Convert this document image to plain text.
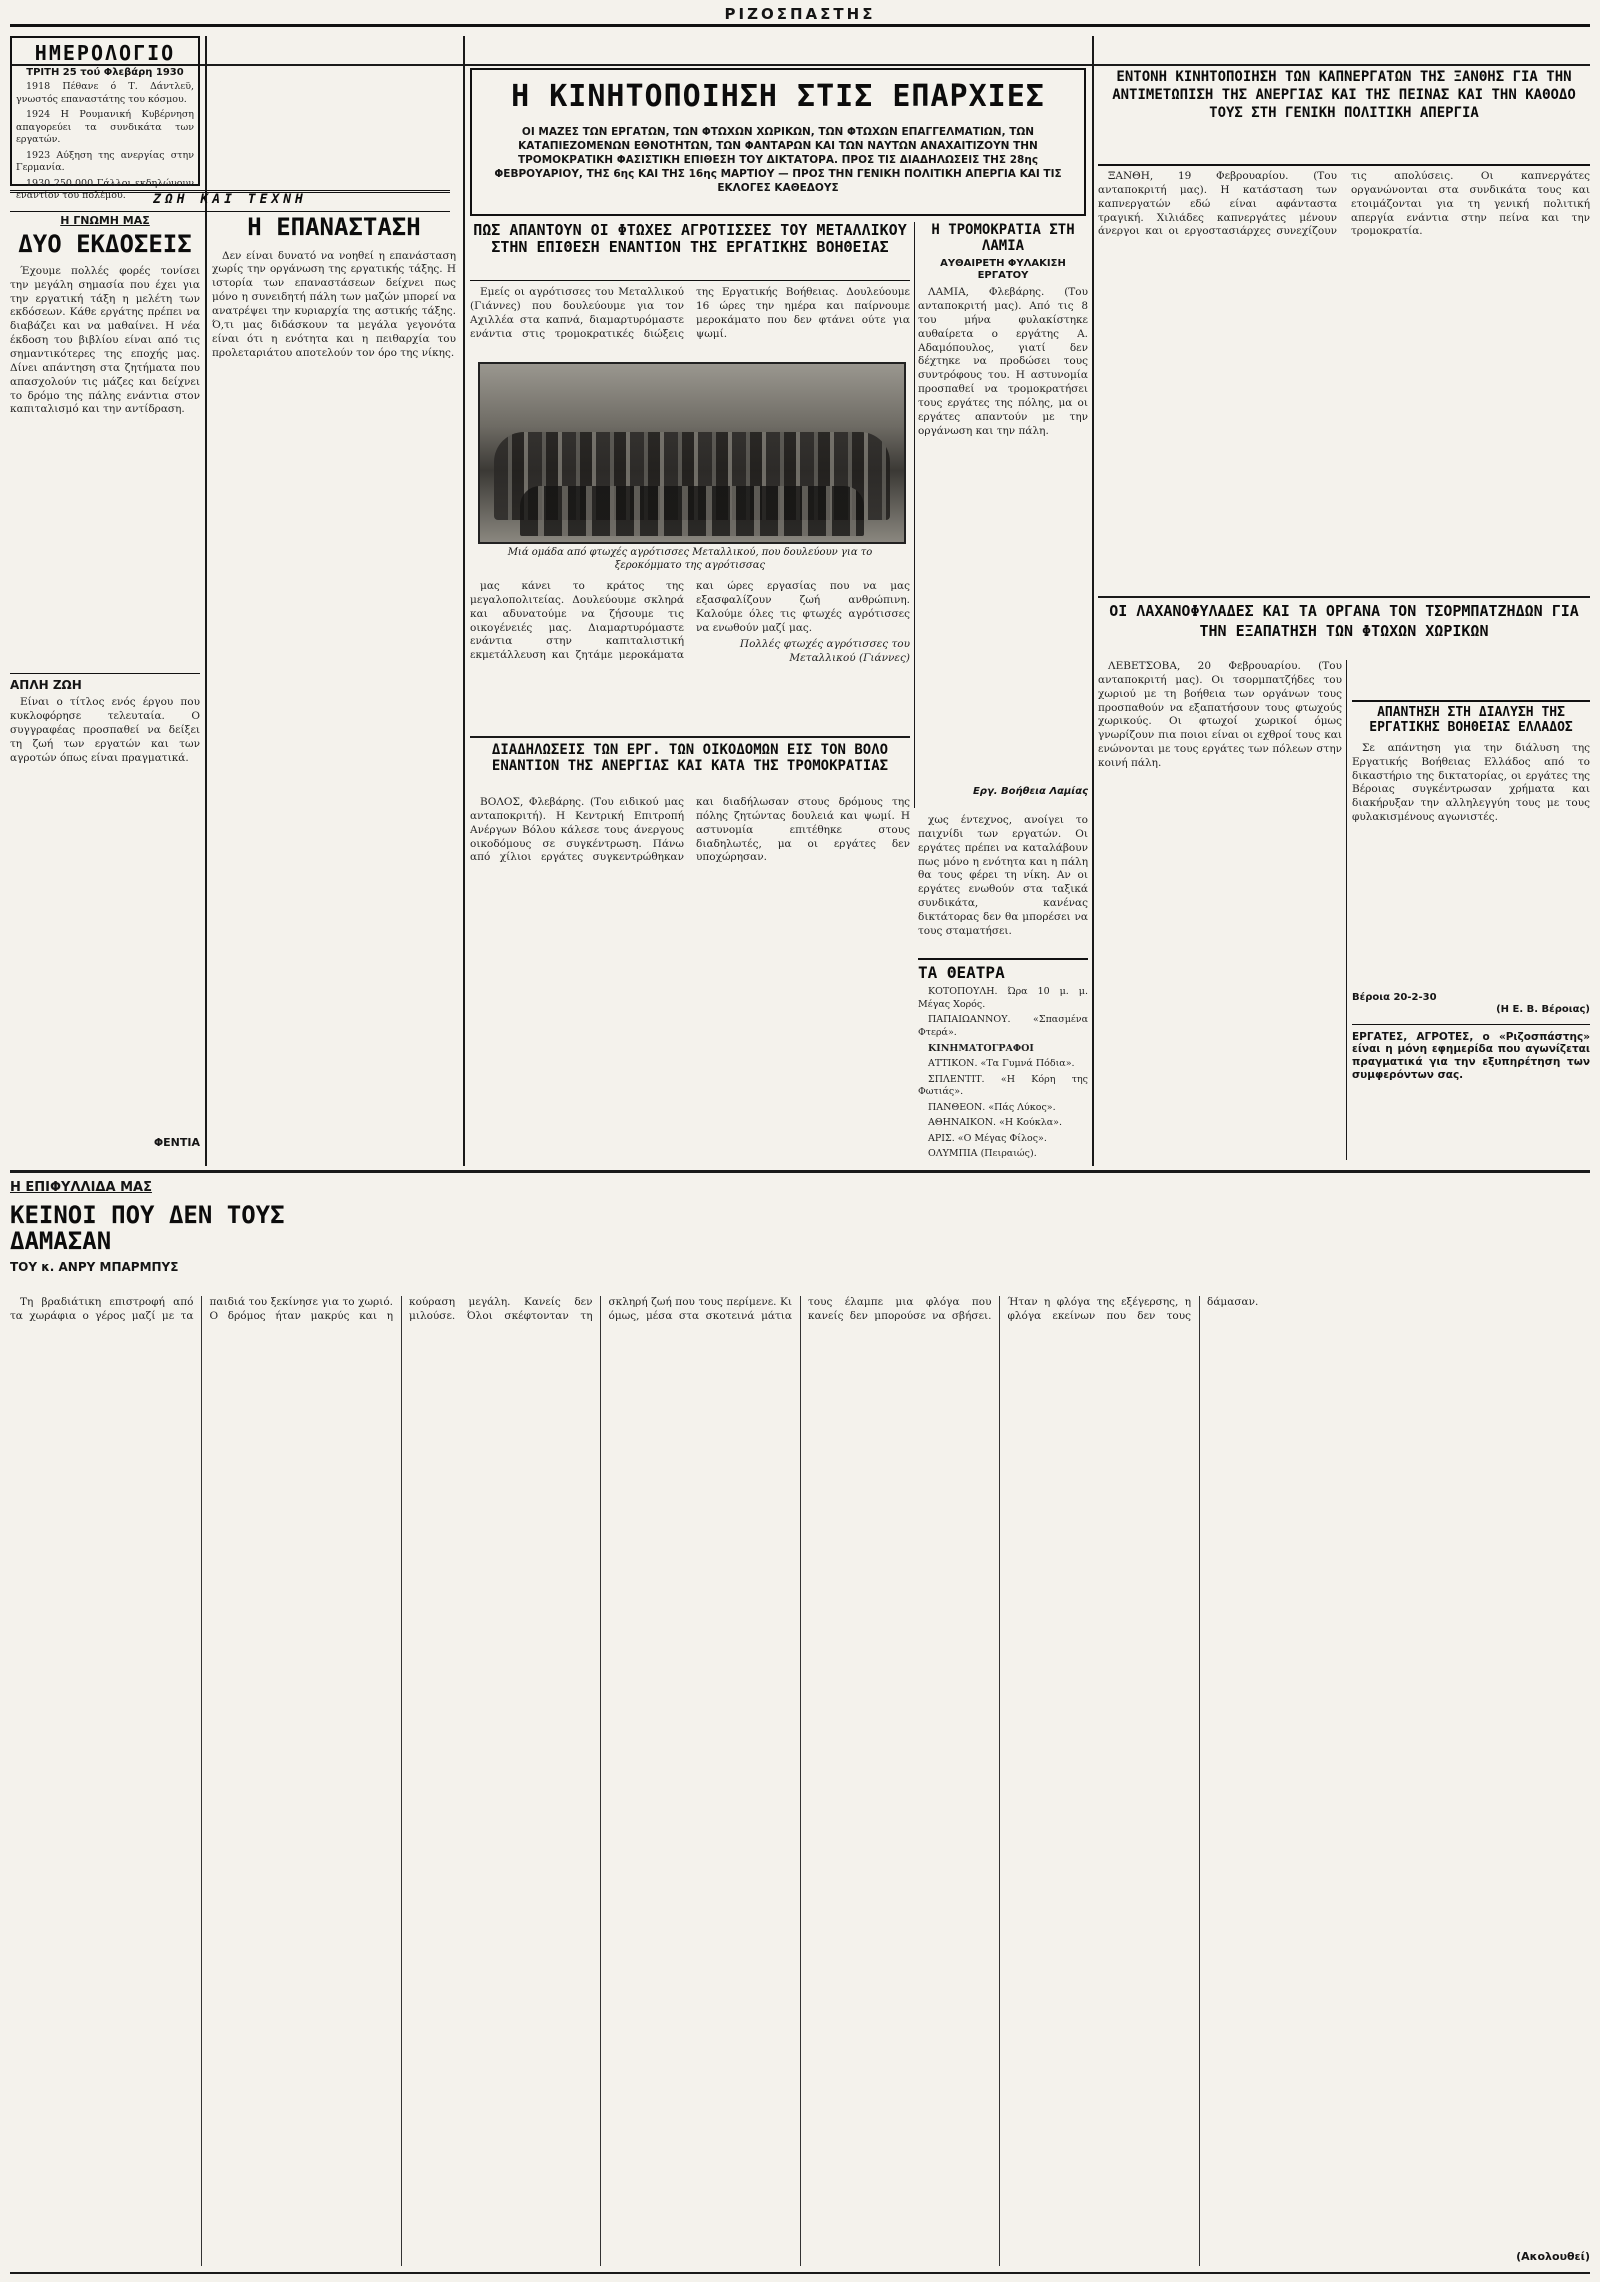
ΡΙΖΟΣΠΑΣΤΗΣ
ΗΜΕΡΟΛΟΓΙΟ
ΤΡΙΤΗ 25 τού Φλεβάρη 1930

1918 Πέθανε ό Τ. Δάντλεϋ, γνωστός επαναστάτης του κόσμου.

1924 Η Ρουμανική Κυβέρνηση απαγορεύει τα συνδικάτα των εργατών.

1923 Αύξηση της ανεργίας στην Γερμανία.

1930 250.000 Γάλλοι εκδηλώνουν εναντίον του πολέμου.	ΖΩΗ ΚΑΙ ΤΕΧΝΗ
Η ΓΝΩΜΗ ΜΑΣ
ΔΥΟ ΕΚΔΟΣΕΙΣ

Έχουμε πολλές φορές τονίσει την μεγάλη σημασία που έχει για την εργατική τάξη η μελέτη των εκδόσεων. Κάθε εργάτης πρέπει να διαβάζει και να μαθαίνει. Η νέα έκδοση του βιβλίου είναι από τις σημαντικότερες της εποχής μας. Δίνει απάντηση στα ζητήματα που απασχολούν τις μάζες και δείχνει το δρόμο της πάλης ενάντια στον καπιταλισμό και την αντίδραση.

ΑΠΛΗ ΖΩΗ

Είναι ο τίτλος ενός έργου που κυκλοφόρησε τελευταία. Ο συγγραφέας προσπαθεί να δείξει τη ζωή των εργατών και των αγροτών όπως είναι πραγματικά.

ΦΕΝΤΙΑ
Η ΕΠΑΝΑΣΤΑΣΗ

Δεν είναι δυνατό να νοηθεί η επανάσταση χωρίς την οργάνωση της εργατικής τάξης. Η ιστορία των επαναστάσεων δείχνει πως μόνο η συνειδητή πάλη των μαζών μπορεί να ανατρέψει την κυριαρχία της αστικής τάξης. Ό,τι μας διδάσκουν τα μεγάλα γεγονότα είναι ότι η ενότητα και η πειθαρχία του προλεταριάτου αποτελούν τον όρο της νίκης.

Η ΚΙΝΗΤΟΠΟΙΗΣΗ ΣΤΙΣ ΕΠΑΡΧΙΕΣ
ΟΙ ΜΑΖΕΣ ΤΩΝ ΕΡΓΑΤΩΝ, ΤΩΝ ΦΤΩΧΩΝ ΧΩΡΙΚΩΝ, ΤΩΝ ΦΤΩΧΩΝ ΕΠΑΓΓΕΛΜΑΤΙΩΝ, ΤΩΝ ΚΑΤΑΠΙΕΖΟΜΕΝΩΝ ΕΘΝΟΤΗΤΩΝ, ΤΩΝ ΦΑΝΤΑΡΩΝ ΚΑΙ ΤΩΝ ΝΑΥΤΩΝ ΑΝΑΧΑΙΤΙΖΟΥΝ ΤΗΝ ΤΡΟΜΟΚΡΑΤΙΚΗ ΦΑΣΙΣΤΙΚΗ ΕΠΙΘΕΣΗ ΤΟΥ ΔΙΚΤΑΤΟΡΑ. ΠΡΟΣ ΤΙΣ ΔΙΑΔΗΛΩΣΕΙΣ ΤΗΣ 28ης ΦΕΒΡΟΥΑΡΙΟΥ, ΤΗΣ 6ης ΚΑΙ ΤΗΣ 16ης ΜΑΡΤΙΟΥ — ΠΡΟΣ ΤΗΝ ΓΕΝΙΚΗ ΠΟΛΙΤΙΚΗ ΑΠΕΡΓΙΑ ΚΑΙ ΤΙΣ ΕΚΛΟΓΕΣ ΚΑΘΕΔΟΥΣ
ΠΩΣ ΑΠΑΝΤΟΥΝ ΟΙ ΦΤΩΧΕΣ ΑΓΡΟΤΙΣΣΕΣ ΤΟΥ ΜΕΤΑΛΛΙΚΟΥ ΣΤΗΝ ΕΠΙΘΕΣΗ ΕΝΑΝΤΙΟΝ ΤΗΣ ΕΡΓΑΤΙΚΗΣ ΒΟΗΘΕΙΑΣ

Εμείς οι αγρότισσες του Μεταλλικού (Γιάννες) που δουλεύουμε για τον Αχιλλέα στα καπνά, διαμαρτυρόμαστε ενάντια στις τρομοκρατικές διώξεις της Εργατικής Βοήθειας. Δουλεύουμε 16 ώρες την ημέρα και παίρνουμε μεροκάματο που δεν φτάνει ούτε για ψωμί.

Μιά ομάδα από φτωχές αγρότισσες Μεταλλικού, που δουλεύουν για το ξεροκόμματο της αγρότισσας

μας κάνει το κράτος της μεγαλοπολιτείας. Δουλεύουμε σκληρά και αδυνατούμε να ζήσουμε τις οικογένειές μας. Διαμαρτυρόμαστε ενάντια στην καπιταλιστική εκμετάλλευση και ζητάμε μεροκάματα και ώρες εργασίας που να μας εξασφαλίζουν ζωή ανθρώπινη. Καλούμε όλες τις φτωχές αγρότισσες να ενωθούν μαζί μας.

Πολλές φτωχές αγρότισσες του Μεταλλικού (Γιάννες)

Η ΤΡΟΜΟΚΡΑΤΙΑ ΣΤΗ ΛΑΜΙΑ
ΑΥΘΑΙΡΕΤΗ ΦΥΛΑΚΙΣΗ ΕΡΓΑΤΟΥ

ΛΑΜΙΑ, Φλεβάρης. (Του ανταποκριτή μας). Από τις 8 του μήνα φυλακίστηκε αυθαίρετα ο εργάτης Α. Αδαμόπουλος, γιατί δεν δέχτηκε να προδώσει τους συντρόφους του. Η αστυνομία προσπαθεί να τρομοκρατήσει τους εργάτες της πόλης, μα οι εργάτες απαντούν με την οργάνωση και την πάλη.

Εργ. Βοήθεια Λαμίας
ΔΙΑΔΗΛΩΣΕΙΣ ΤΩΝ ΕΡΓ. ΤΩΝ ΟΙΚΟΔΟΜΩΝ ΕΙΣ ΤΟΝ ΒΟΛΟ ΕΝΑΝΤΙΟΝ ΤΗΣ ΑΝΕΡΓΙΑΣ ΚΑΙ ΚΑΤΑ ΤΗΣ ΤΡΟΜΟΚΡΑΤΙΑΣ

ΒΟΛΟΣ, Φλεβάρης. (Του ειδικού μας ανταποκριτή). Η Κεντρική Επιτροπή Ανέργων Βόλου κάλεσε τους άνεργους οικοδόμους σε συγκέντρωση. Πάνω από χίλιοι εργάτες συγκεντρώθηκαν και διαδήλωσαν στους δρόμους της πόλης ζητώντας δουλειά και ψωμί. Η αστυνομία επιτέθηκε στους διαδηλωτές, μα οι εργάτες δεν υποχώρησαν.

χως έντεχνος, ανοίγει το παιχνίδι των εργατών. Οι εργάτες πρέπει να καταλάβουν πως μόνο η ενότητα και η πάλη θα τους φέρει τη νίκη. Αν οι εργάτες ενωθούν στα ταξικά συνδικάτα, κανένας δικτάτορας δεν θα μπορέσει να τους σταματήσει.

ΤΑ ΘΕΑΤΡΑ

ΚΟΤΟΠΟΥΛΗ. Ώρα 10 μ. μ. Μέγας Χορός.

ΠΑΠΑΙΩΑΝΝΟΥ. «Σπασμένα Φτερά».

ΚΙΝΗΜΑΤΟΓΡΑΦΟΙ

ΑΤΤΙΚΟΝ. «Τα Γυμνά Πόδια».

ΣΠΛΕΝΤΙΤ. «Η Κόρη της Φωτιάς».

ΠΑΝΘΕΟΝ. «Πάς Λύκος».

ΑΘΗΝΑΙΚΟΝ. «Η Κούκλα».

ΑΡΙΣ. «Ο Μέγας Φίλος».

ΟΛΥΜΠΙΑ (Πειραιώς).

ΕΝΤΟΝΗ ΚΙΝΗΤΟΠΟΙΗΣΗ ΤΩΝ ΚΑΠΝΕΡΓΑΤΩΝ ΤΗΣ ΞΑΝΘΗΣ ΓΙΑ ΤΗΝ ΑΝΤΙΜΕΤΩΠΙΣΗ ΤΗΣ ΑΝΕΡΓΙΑΣ ΚΑΙ ΤΗΣ ΠΕΙΝΑΣ ΚΑΙ ΤΗΝ ΚΑΘΟΔΟ ΤΟΥΣ ΣΤΗ ΓΕΝΙΚΗ ΠΟΛΙΤΙΚΗ ΑΠΕΡΓΙΑ

ΞΑΝΘΗ, 19 Φεβρουαρίου. (Του ανταποκριτή μας). Η κατάσταση των καπνεργατών εδώ είναι αφάνταστα τραγική. Χιλιάδες καπνεργάτες μένουν άνεργοι και οι εργοστασιάρχες συνεχίζουν τις απολύσεις. Οι καπνεργάτες οργανώνονται στα συνδικάτα τους και ετοιμάζονται για τη γενική πολιτική απεργία ενάντια στην πείνα και την τρομοκρατία.

ΟΙ ΛΑΧΑΝΟΦΥΛΑΔΕΣ ΚΑΙ ΤΑ ΟΡΓΑΝΑ ΤΟΝ ΤΣΟΡΜΠΑΤΖΗΔΩΝ ΓΙΑ ΤΗΝ ΕΞΑΠΑΤΗΣΗ ΤΩΝ ΦΤΩΧΩΝ ΧΩΡΙΚΩΝ

ΛΕΒΕΤΣΟΒΑ, 20 Φεβρουαρίου. (Του ανταποκριτή μας). Οι τσορμπατζήδες του χωριού με τη βοήθεια των οργάνων τους προσπαθούν να εξαπατήσουν τους φτωχούς χωρικούς. Οι φτωχοί χωρικοί όμως γνωρίζουν πια ποιοι είναι οι εχθροί τους και ενώνονται με τους εργάτες των πόλεων στην κοινή πάλη.

ΑΠΑΝΤΗΣΗ ΣΤΗ ΔΙΑΛΥΣΗ ΤΗΣ ΕΡΓΑΤΙΚΗΣ ΒΟΗΘΕΙΑΣ ΕΛΛΑΔΟΣ

Σε απάντηση για την διάλυση της Εργατικής Βοήθειας Ελλάδος από το δικαστήριο της δικτατορίας, οι εργάτες της Βέροιας συγκέντρωσαν χρήματα και διακήρυξαν την αλληλεγγύη τους με τους φυλακισμένους αγωνιστές.

Βέροια 20-2-30
(Η Ε. Β. Βέροιας)
ΕΡΓΑΤΕΣ, ΑΓΡΟΤΕΣ, ο «Ριζοσπάστης» είναι η μόνη εφημερίδα που αγωνίζεται πραγματικά για την εξυπηρέτηση των συμφερόντων σας.
Η ΕΠΙΦΥΛΛΙΔΑ ΜΑΣ
ΚΕΙΝΟΙ ΠΟΥ ΔΕΝ ΤΟΥΣ ΔΑΜΑΣΑΝ
ΤΟΥ κ. ΑΝΡΥ ΜΠΑΡΜΠΥΣ

Τη βραδιάτικη επιστροφή από τα χωράφια ο γέρος μαζί με τα παιδιά του ξεκίνησε για το χωριό. Ο δρόμος ήταν μακρύς και η κούραση μεγάλη. Κανείς δεν μιλούσε. Όλοι σκέφτονταν τη σκληρή ζωή που τους περίμενε. Κι όμως, μέσα στα σκοτεινά μάτια τους έλαμπε μια φλόγα που κανείς δεν μπορούσε να σβήσει. Ήταν η φλόγα της εξέγερσης, η φλόγα εκείνων που δεν τους δάμασαν.

(Ακολουθεί)
